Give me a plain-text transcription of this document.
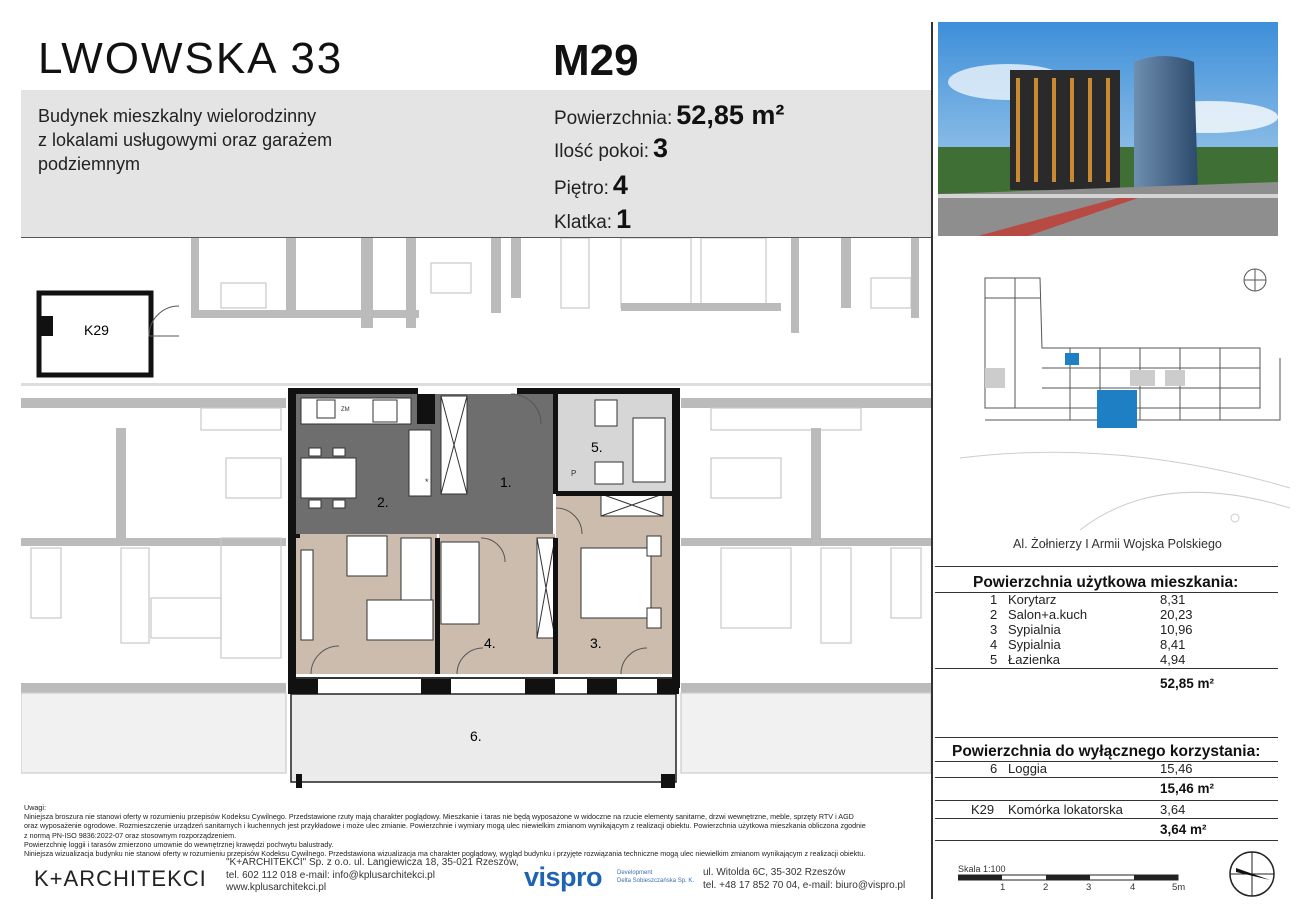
LWOWSKA 33	M29
Budynek mieszkalny wielorodzinny
z lokalami usługowymi oraz garażem
podziemnym
Powierzchnia: 52,85 m²
Ilość pokoi: 3
Piętro: 4
Klatka: 1
K29
ZM
*	1.
2.
3.
4.
5.
P
6.
Al. Żołnierzy I Armii Wojska Polskiego
Powierzchnia użytkowa mieszkania:
1 Korytarz	8,31
2 Salon+a.kuch	20,23
3 Sypialnia	10,96
4 Sypialnia	8,41
5 Łazienka	4,94
52,85 m²
Powierzchnia do wyłącznego korzystania:
6 Loggia	15,46
15,46 m²
K29 Komórka lokatorska	3,64
3,64 m²
Uwagi:
Niniejsza broszura nie stanowi oferty w rozumieniu przepisów Kodeksu Cywilnego. Przedstawione rzuty mają charakter poglądowy. Mieszkanie i taras nie będą wyposażone w widoczne na rzucie elementy sanitarne, drzwi wewnętrzne, meble, sprzęty RTV i AGD
oraz wyposażenie ogrodowe. Rozmieszczenie urządzeń sanitarnych i kuchennych jest przykładowe i może ulec zmianie. Powierzchnie i wymiary mogą ulec niewielkim zmianom wynikającym z realizacji obiektu. Powierzchnia użytkowa mieszkania obliczona zgodnie
z normą PN-ISO 9836:2022-07 oraz stosownym rozporządzeniem.
Powierzchnię loggii i tarasów zmierzono umownie do wewnętrznej krawędzi pochwytu balustrady.
Niniejsza wizualizacja budynku nie stanowi oferty w rozumieniu przepisów Kodeksu Cywilnego. Przedstawiona wizualizacja ma charakter poglądowy, wygląd budynku i przyjęte rozwiązania techniczne mogą ulec niewielkim zmianom wynikającym z realizacji obiektu.
K+ARCHITEKCI
"K+ARCHITEKCI" Sp. z o.o. ul. Langiewicza 18, 35-021 Rzeszów,
tel. 602 112 018 e-mail: info@kplusarchitekci.pl
www.kplusarchitekci.pl	vispro Development
Delta Sobieszczańska Sp. K.
ul. Witolda 6C, 35-302 Rzeszów
tel. +48 17 852 70 04, e-mail: biuro@vispro.pl
Skala 1:100
1	2	3	4	5m
